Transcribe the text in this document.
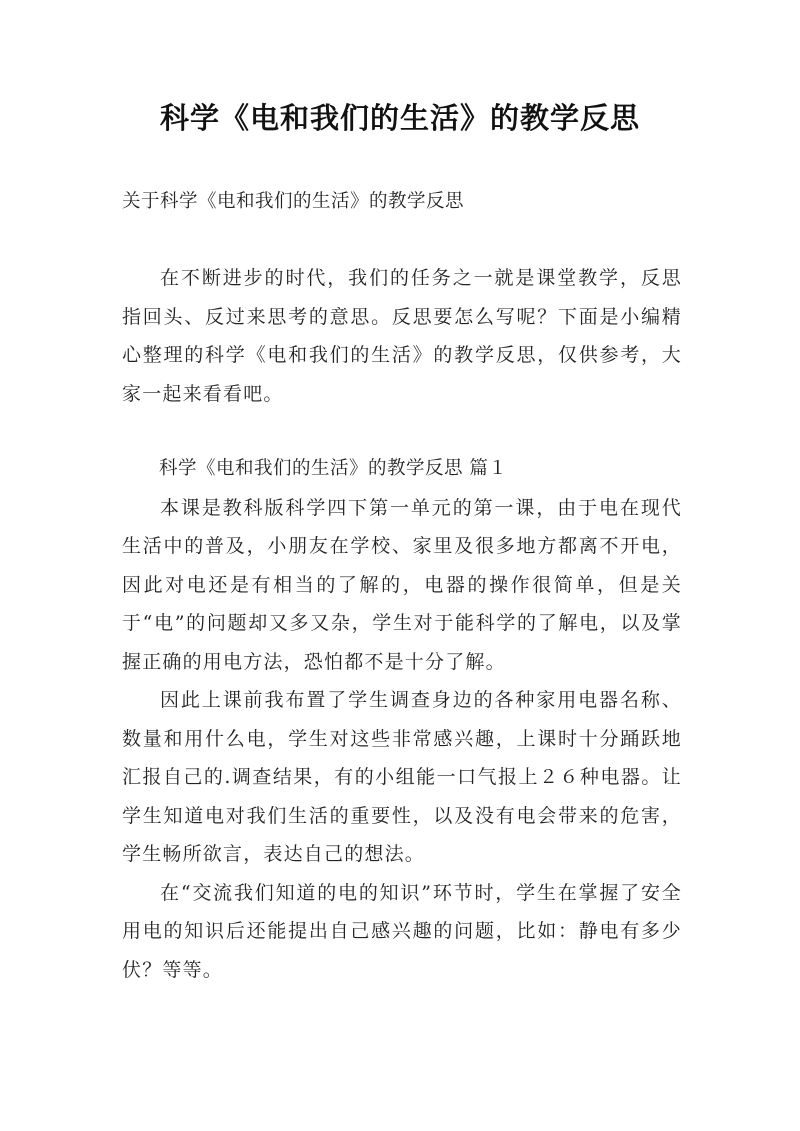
科学《电和我们的生活》的教学反思
关于科学《电和我们的生活》的教学反思

在不断进步的时代，我们的任务之一就是课堂教学，反思指回头、反过来思考的意思。反思要怎么写呢？下面是小编精心整理的科学《电和我们的生活》的教学反思，仅供参考，大家一起来看看吧。

科学《电和我们的生活》的教学反思 篇１

本课是教科版科学四下第一单元的第一课，由于电在现代生活中的普及，小朋友在学校、家里及很多地方都离不开电，因此对电还是有相当的了解的，电器的操作很简单，但是关于“电”的问题却又多又杂，学生对于能科学的了解电，以及掌握正确的用电方法，恐怕都不是十分了解。

因此上课前我布置了学生调查身边的各种家用电器名称、数量和用什么电，学生对这些非常感兴趣，上课时十分踊跃地汇报自己的.调查结果，有的小组能一口气报上２６种电器。让学生知道电对我们生活的重要性，以及没有电会带来的危害，学生畅所欲言，表达自己的想法。

在“交流我们知道的电的知识”环节时，学生在掌握了安全用电的知识后还能提出自己感兴趣的问题，比如：静电有多少伏？等等。
